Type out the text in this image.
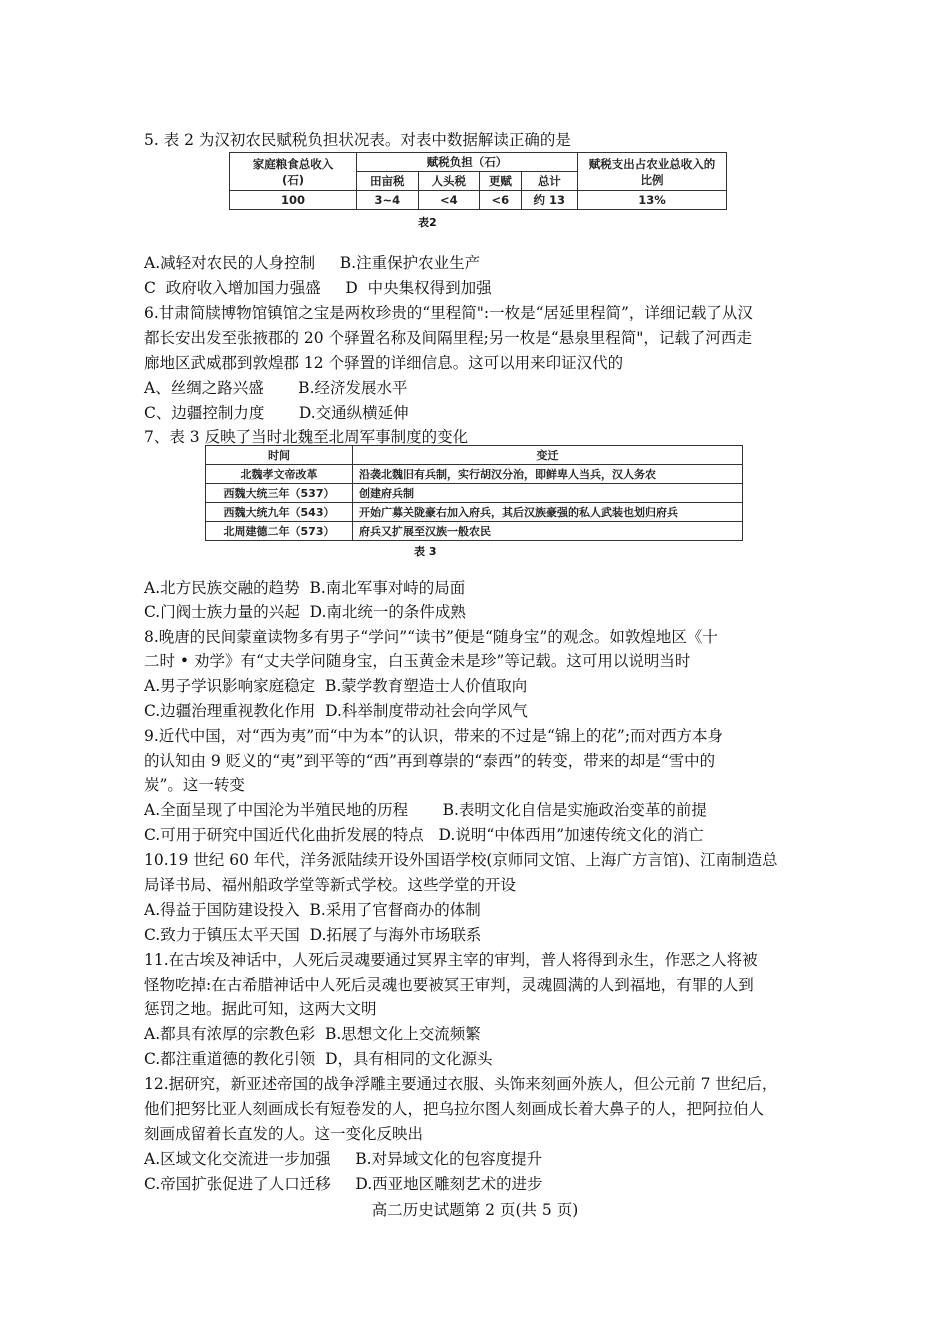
5. 表 2 为汉初农民赋税负担状况表。对表中数据解读正确的是
家庭粮食总收入
(石)	赋税负担（石）				赋税支出占农业总收入的
比例
	田亩税	人头税	更赋	总计	
100	3~4	<4	<6	约 13	13%
表2
A.减轻对农民的人身控制     B.注重保护农业生产
C  政府收入增加国力强盛     D  中央集权得到加强
6.甘肃简牍博物馆镇馆之宝是两枚珍贵的“里程简":一枚是“居延里程简”，详细记载了从汉
都长安出发至张掖郡的 20 个驿置名称及间隔里程;另一枚是“悬泉里程简"，记载了河西走
廊地区武威郡到敦煌郡 12 个驿置的详细信息。这可以用来印证汉代的
A、丝绸之路兴盛       B.经济发展水平
C、边疆控制力度       D.交通纵横延伸
7、表 3 反映了当时北魏至北周军事制度的变化
时间	变迁
北魏孝文帝改革	沿袭北魏旧有兵制，实行胡汉分治，即鲜卑人当兵，汉人务农
西魏大统三年（537）	创建府兵制
西魏大统九年（543）	开始广募关陇豪右加入府兵，其后汉族豪强的私人武装也划归府兵
北周建德二年（573）	府兵又扩展至汉族一般农民
表 3
A.北方民族交融的趋势  B.南北军事对峙的局面
C.门阀士族力量的兴起  D.南北统一的条件成熟
8.晚唐的民间蒙童读物多有男子“学问”“读书”便是“随身宝”的观念。如敦煌地区《十
二时 • 劝学》有“丈夫学问随身宝，白玉黄金未是珍”等记载。这可用以说明当时
A.男子学识影响家庭稳定  B.蒙学教育塑造士人价值取向
C.边疆治理重视教化作用  D.科举制度带动社会向学风气
9.近代中国，对“西为夷”而“中为本”的认识，带来的不过是“锦上的花”;而对西方本身
的认知由 9 贬义的“夷”到平等的“西”再到尊崇的“泰西”的转变，带来的却是“雪中的
炭”。这一转变
A.全面呈现了中国沦为半殖民地的历程       B.表明文化自信是实施政治变革的前提
C.可用于研究中国近代化曲折发展的特点   D.说明“中体西用”加速传统文化的消亡
10.19 世纪 60 年代，洋务派陆续开设外国语学校(京师同文馆、上海广方言馆)、江南制造总
局译书局、福州船政学堂等新式学校。这些学堂的开设
A.得益于国防建设投入  B.采用了官督商办的体制
C.致力于镇压太平天国  D.拓展了与海外市场联系
11.在古埃及神话中，人死后灵魂要通过冥界主宰的审判，普人将得到永生，作恶之人将被
怪物吃掉:在古希腊神话中人死后灵魂也要被冥王审判，灵魂圆满的人到福地，有罪的人到
惩罚之地。据此可知，这两大文明
A.都具有浓厚的宗教色彩  B.思想文化上交流频繁
C.都注重道德的教化引领  D，具有相同的文化源头
12.据研究，新亚述帝国的战争浮雕主要通过衣服、头饰来刻画外族人，但公元前 7 世纪后，
他们把努比亚人刻画成长有短卷发的人，把乌拉尔图人刻画成长着大鼻子的人，把阿拉伯人
刻画成留着长直发的人。这一变化反映出
A.区域文化交流进一步加强     B.对异域文化的包容度提升
C.帝国扩张促进了人口迁移     D.西亚地区雕刻艺术的进步
高二历史试题第 2 页(共 5 页)
